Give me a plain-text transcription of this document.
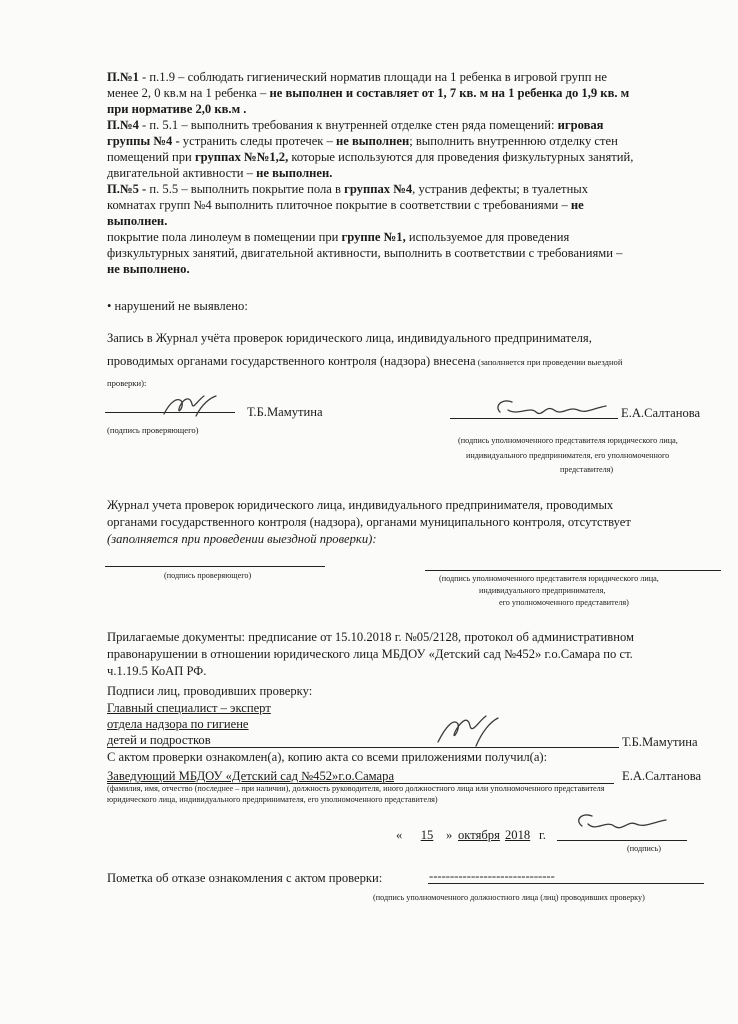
П.№1 - п.1.9 – соблюдать гигиенический норматив площади на 1 ребенка в игровой групп не
менее 2, 0 кв.м на 1 ребенка – не выполнен и составляет от 1, 7 кв. м на 1 ребенка до 1,9 кв. м
при нормативе 2,0 кв.м .
П.№4 - п. 5.1 – выполнить требования к внутренней отделке стен ряда помещений: игровая
группы №4 - устранить следы протечек – не выполнен; выполнить внутреннюю отделку стен
помещений при группах №№1,2, которые используются для проведения физкультурных занятий,
двигательной активности – не выполнен.
П.№5 - п. 5.5 – выполнить покрытие пола в группах №4, устранив дефекты; в туалетных
комнатах групп №4 выполнить плиточное покрытие в соответствии с требованиями – не
выполнен.
покрытие пола линолеум в помещении при группе №1, используемое для проведения
физкультурных занятий, двигательной активности, выполнить в соответствии с требованиями –
не выполнено.
• нарушений не выявлено:
Запись в Журнал учёта проверок юридического лица, индивидуального предпринимателя,
проводимых органами государственного контроля (надзора) внесена (заполняется при проведении выездной
проверки):
Т.Б.Мамутина
(подпись проверяющего)
Е.А.Салтанова
(подпись уполномоченного представителя юридического лица,
индивидуального предпринимателя, его уполномоченного
представителя)
Журнал учета проверок юридического лица, индивидуального предпринимателя, проводимых
органами государственного контроля (надзора), органами муниципального контроля, отсутствует
(заполняется при проведении выездной проверки):
(подпись проверяющего)	(подпись уполномоченного представителя юридического лица,
индивидуального предпринимателя,
его уполномоченного представителя)
Прилагаемые документы: предписание от 15.10.2018 г. №05/2128, протокол об административном
правонарушении в отношении юридического лица МБДОУ «Детский сад №452» г.о.Самара по ст.
ч.1.19.5 КоАП РФ.
Подписи лиц, проводивших проверку:
Главный специалист – эксперт
отдела надзора по гигиене
детей и подростков	Т.Б.Мамутина
С актом проверки ознакомлен(а), копию акта со всеми приложениями получил(а):
Заведующий МБДОУ «Детский сад №452»г.о.Самара	Е.А.Салтанова
(фамилия, имя, отчество (последнее – при наличии), должность руководителя, иного должностного лица или уполномоченного представителя
юридического лица, индивидуального предпринимателя, его уполномоченного представителя)
«	15	» октября 2018 г.
(подпись)
Пометка об отказе ознакомления с актом проверки:	------------------------------
(подпись уполномоченного должностного лица (лиц) проводивших проверку)
